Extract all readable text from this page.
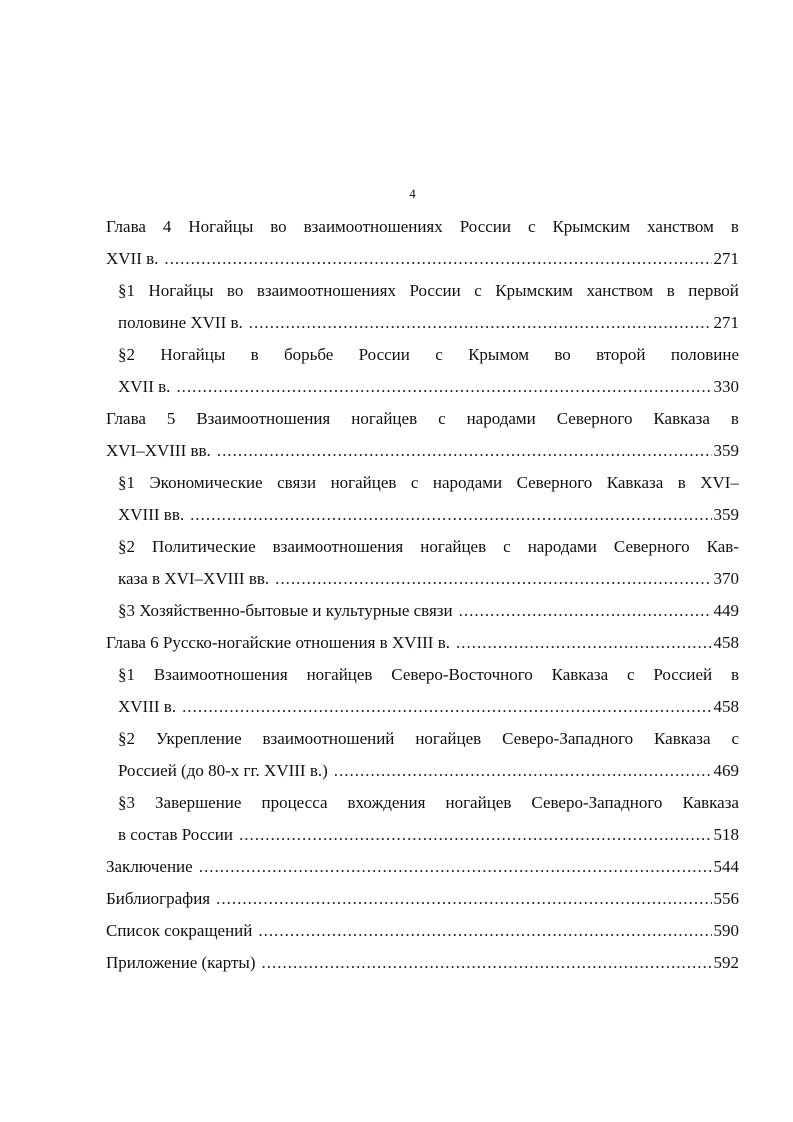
4
Глава 4 Ногайцы во взаимоотношениях России с Крымским ханством в
XVII в. .....	271
§1 Ногайцы во взаимоотношениях России с Крымским ханством в первой
половине XVII в. .....	271
§2 Ногайцы в борьбе России с Крымом во второй половине
XVII в. .....	330
Глава 5 Взаимоотношения ногайцев с народами Северного Кавказа в
XVI–XVIII вв. .....	359
§1 Экономические связи ногайцев с народами Северного Кавказа в XVI–
XVIII вв. .....	359
§2 Политические взаимоотношения ногайцев с народами Северного Кав-
каза в XVI–XVIII вв. .....	370
§3 Хозяйственно-бытовые и культурные связи .....	449
Глава 6 Русско-ногайские отношения в XVIII в. .....	458
§1 Взаимоотношения ногайцев Северо-Восточного Кавказа с Россией в
XVIII в. .....	458
§2 Укрепление взаимоотношений ногайцев Северо-Западного Кавказа с
Россией (до 80-х гг. XVIII в.) .....	469
§3 Завершение процесса вхождения ногайцев Северо-Западного Кавказа
в состав России .....	518
Заключение .....	544
Библиография .....	556
Список сокращений .....	590
Приложение (карты) .....	592
